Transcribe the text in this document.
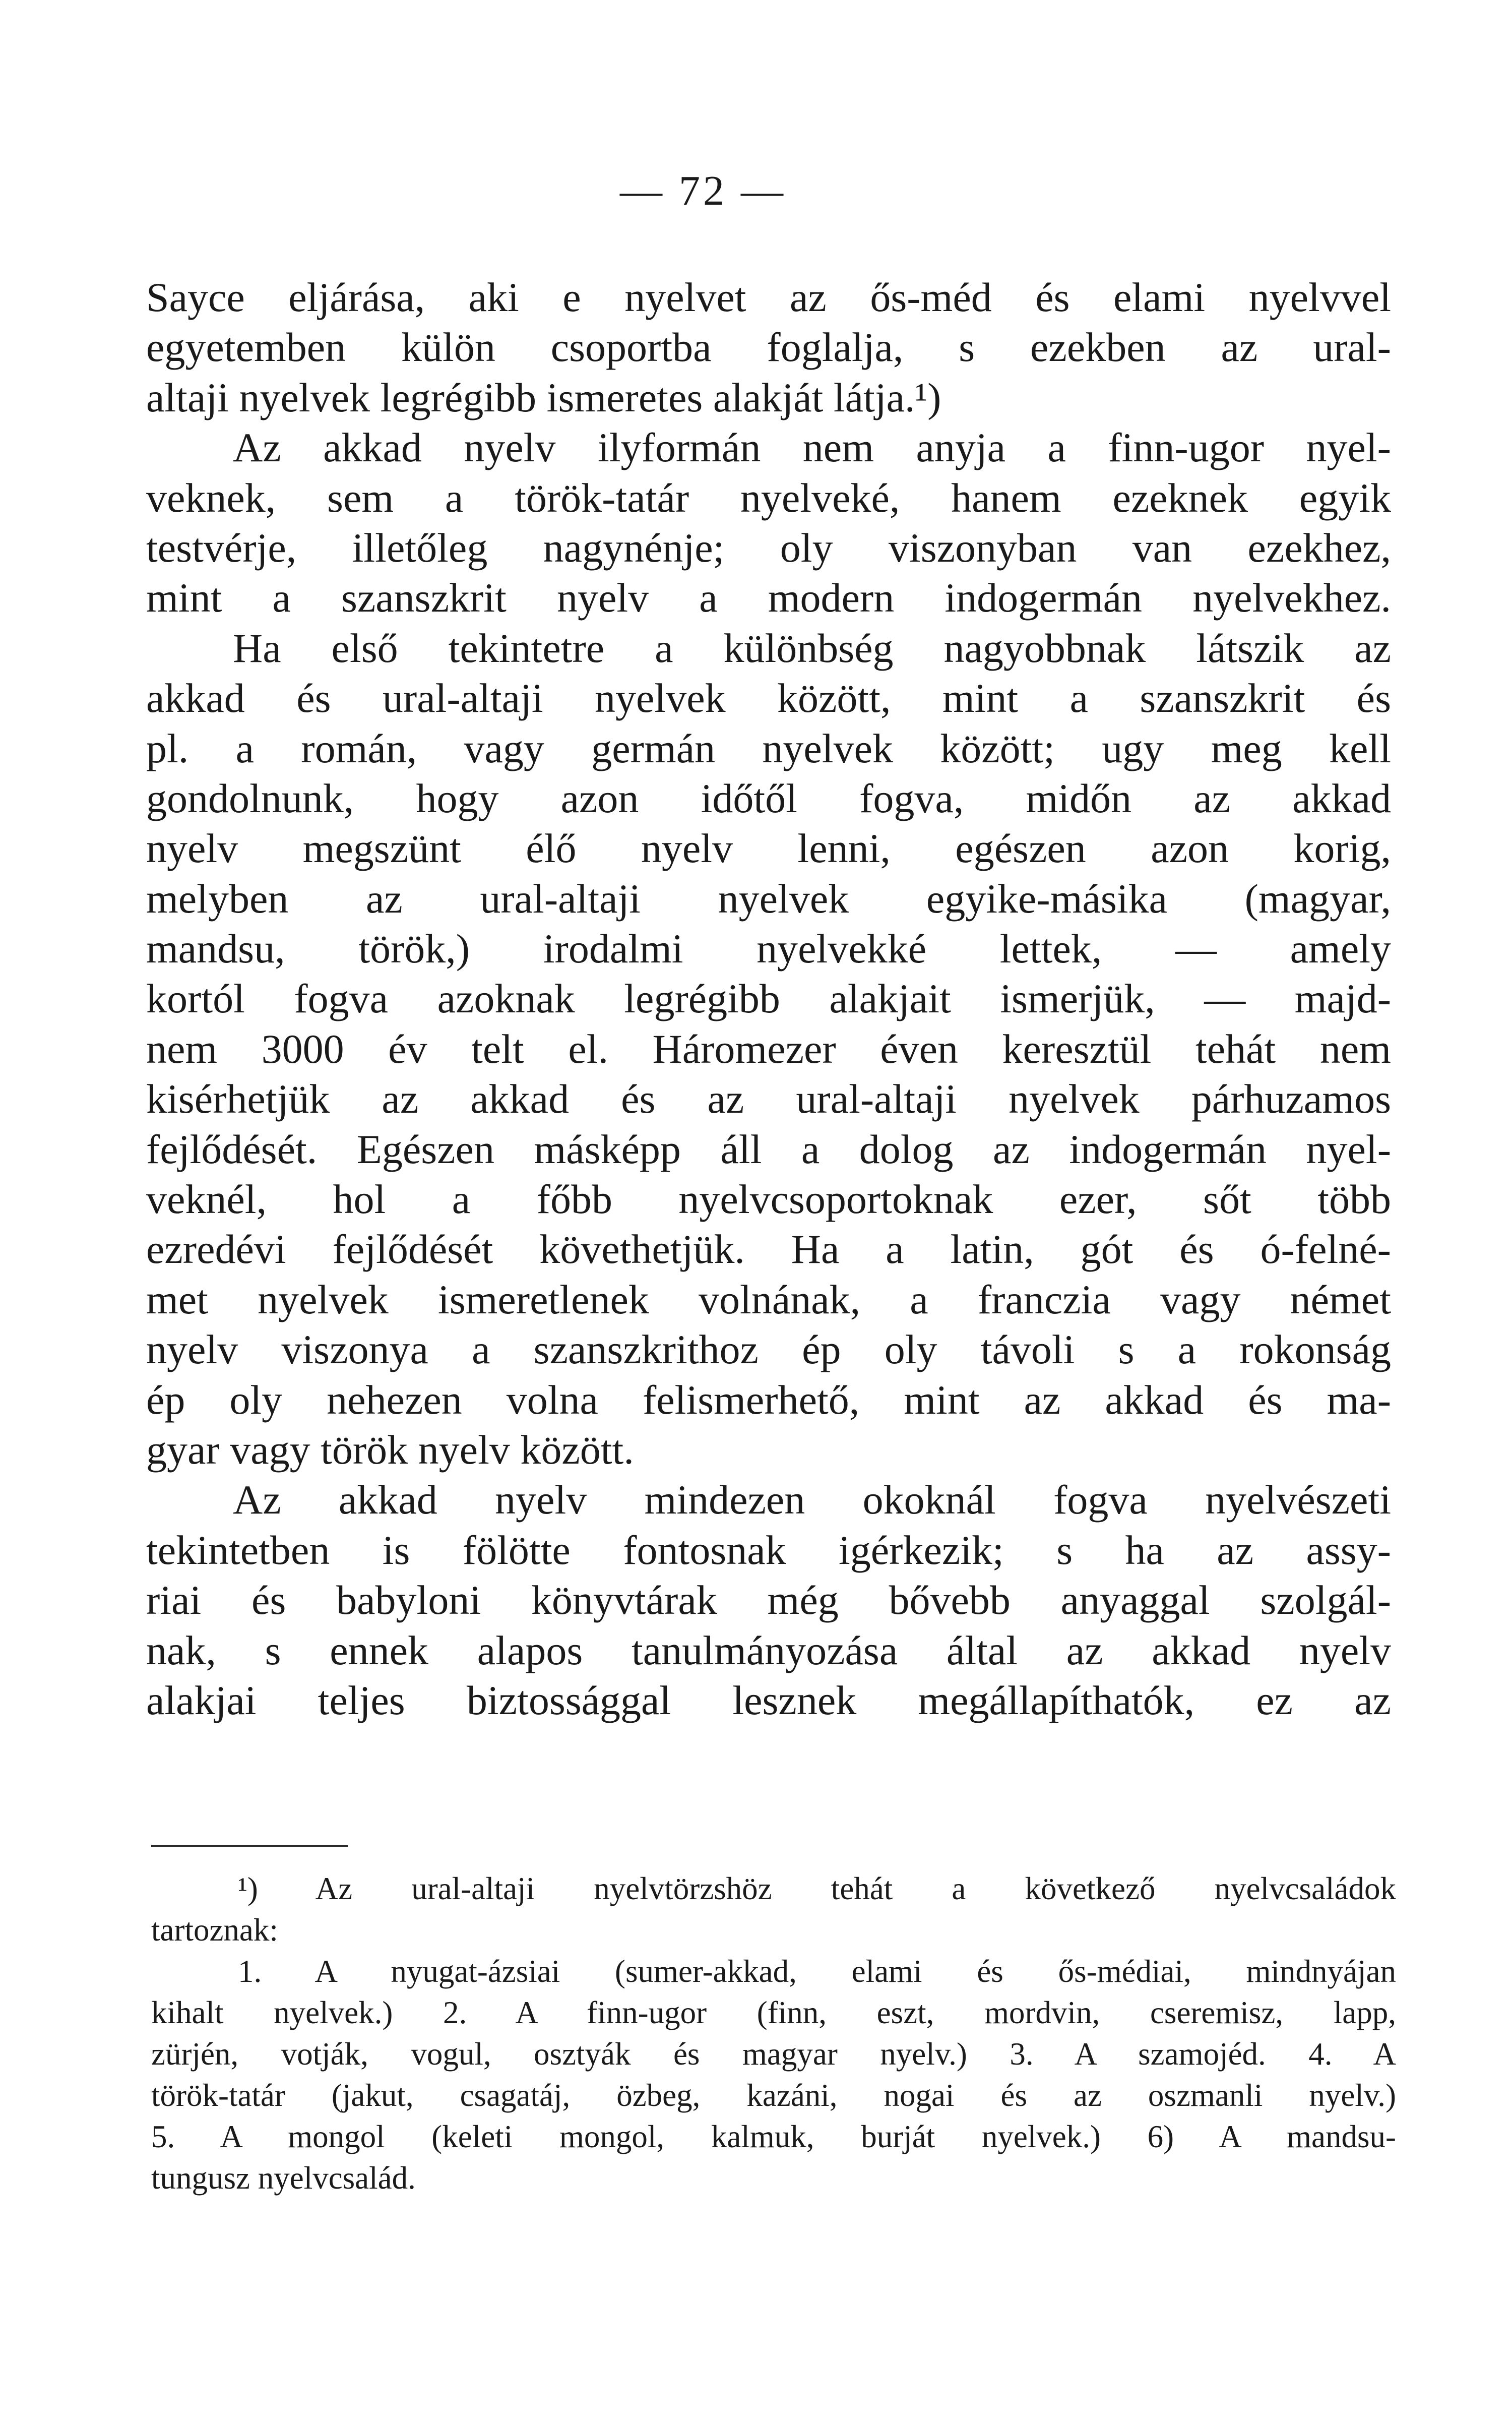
— 72 —
Sayce eljárása, aki e nyelvet az ős-méd és elami nyelvvel
egyetemben külön csoportba foglalja, s ezekben az ural-
altaji nyelvek legrégibb ismeretes alakját látja.¹)
Az akkad nyelv ilyformán nem anyja a finn-ugor nyel-
veknek, sem a török-tatár nyelveké, hanem ezeknek egyik
testvérje, illetőleg nagynénje; oly viszonyban van ezekhez,
mint a szanszkrit nyelv a modern indogermán nyelvekhez.
Ha első tekintetre a különbség nagyobbnak látszik az
akkad és ural-altaji nyelvek között, mint a szanszkrit és
pl. a román, vagy germán nyelvek között; ugy meg kell
gondolnunk, hogy azon időtől fogva, midőn az akkad
nyelv megszünt élő nyelv lenni, egészen azon korig,
melyben az ural-altaji nyelvek egyike-másika (magyar,
mandsu, török,) irodalmi nyelvekké lettek, — amely
kortól fogva azoknak legrégibb alakjait ismerjük, — majd-
nem 3000 év telt el. Háromezer éven keresztül tehát nem
kisérhetjük az akkad és az ural-altaji nyelvek párhuzamos
fejlődését. Egészen másképp áll a dolog az indogermán nyel-
veknél, hol a főbb nyelvcsoportoknak ezer, sőt több
ezredévi fejlődését követhetjük. Ha a latin, gót és ó-felné-
met nyelvek ismeretlenek volnának, a franczia vagy német
nyelv viszonya a szanszkrithoz ép oly távoli s a rokonság
ép oly nehezen volna felismerhető, mint az akkad és ma-
gyar vagy török nyelv között.
Az akkad nyelv mindezen okoknál fogva nyelvészeti
tekintetben is fölötte fontosnak igérkezik; s ha az assy-
riai és babyloni könyvtárak még bővebb anyaggal szolgál-
nak, s ennek alapos tanulmányozása által az akkad nyelv
alakjai teljes biztossággal lesznek megállapíthatók, ez az
¹) Az ural-altaji nyelvtörzshöz tehát a következő nyelvcsaládok
tartoznak:
1. A nyugat-ázsiai (sumer-akkad, elami és ős-médiai, mindnyájan
kihalt nyelvek.) 2. A finn-ugor (finn, eszt, mordvin, cseremisz, lapp,
zürjén, votják, vogul, osztyák és magyar nyelv.) 3. A szamojéd. 4. A
török-tatár (jakut, csagatáj, özbeg, kazáni, nogai és az oszmanli nyelv.)
5. A mongol (keleti mongol, kalmuk, burját nyelvek.) 6) A mandsu-
tungusz nyelvcsalád.
